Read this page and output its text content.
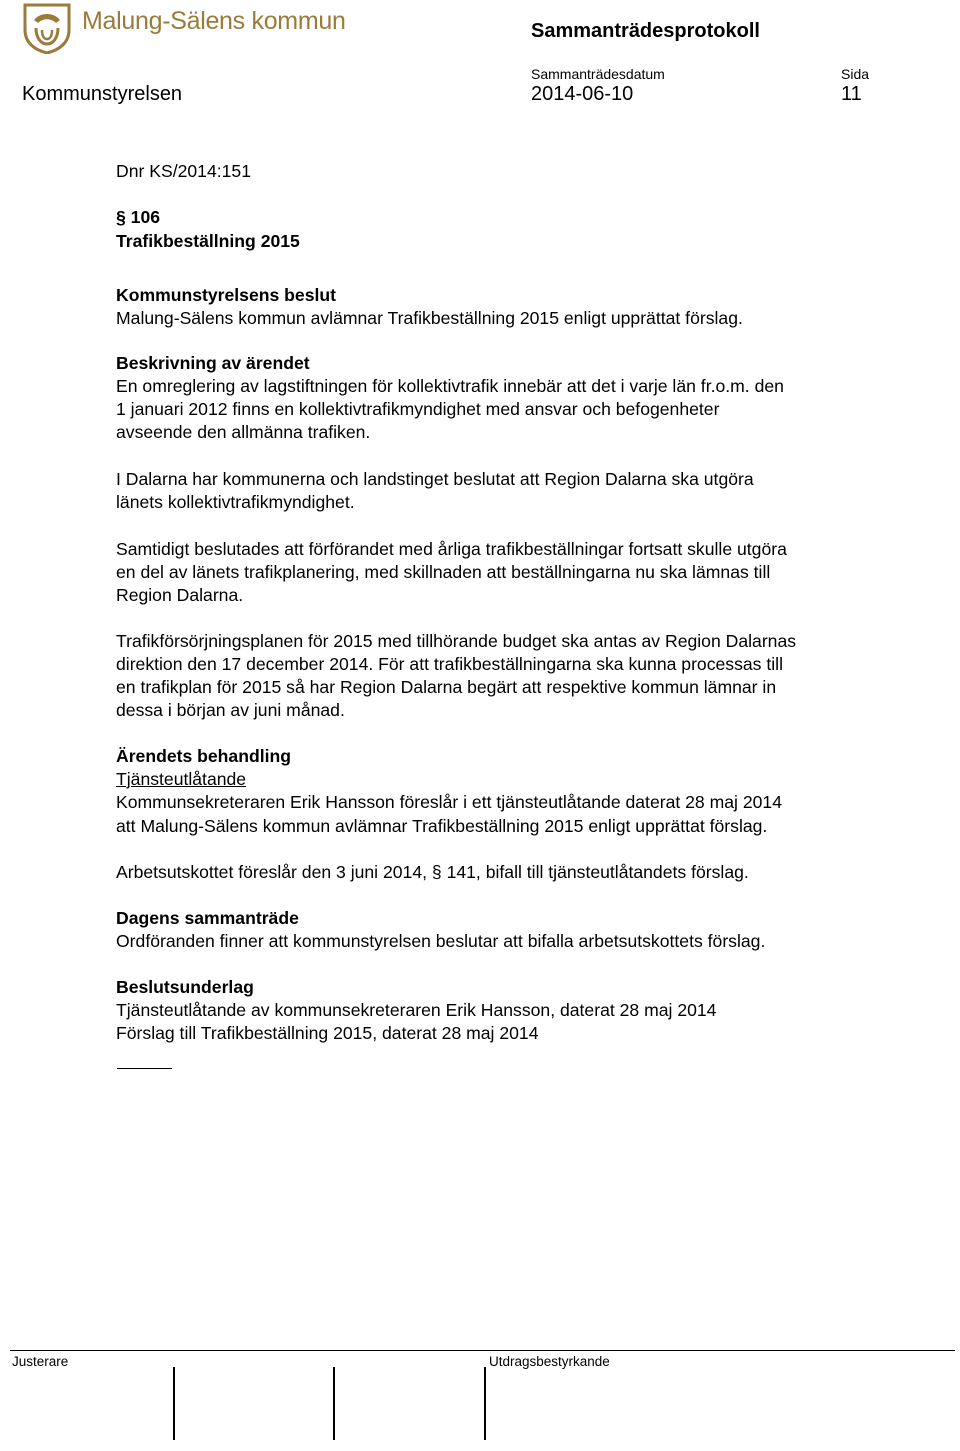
Malung-Sälens kommun	Sammanträdesprotokoll
Sammanträdesdatum	Sida
Kommunstyrelsen	2014-06-10	11
Dnr KS/2014:151
§ 106
Trafikbeställning 2015
Kommunstyrelsens beslut
Malung-Sälens kommun avlämnar Trafikbeställning 2015 enligt upprättat förslag.
Beskrivning av ärendet
En omreglering av lagstiftningen för kollektivtrafik innebär att det i varje län fr.o.m. den
1 januari 2012 finns en kollektivtrafikmyndighet med ansvar och befogenheter
avseende den allmänna trafiken.
I Dalarna har kommunerna och landstinget beslutat att Region Dalarna ska utgöra
länets kollektivtrafikmyndighet.
Samtidigt beslutades att förförandet med årliga trafikbeställningar fortsatt skulle utgöra
en del av länets trafikplanering, med skillnaden att beställningarna nu ska lämnas till
Region Dalarna.
Trafikförsörjningsplanen för 2015 med tillhörande budget ska antas av Region Dalarnas
direktion den 17 december 2014. För att trafikbeställningarna ska kunna processas till
en trafikplan för 2015 så har Region Dalarna begärt att respektive kommun lämnar in
dessa i början av juni månad.
Ärendets behandling
Tjänsteutlåtande
Kommunsekreteraren Erik Hansson föreslår i ett tjänsteutlåtande daterat 28 maj 2014
att Malung-Sälens kommun avlämnar Trafikbeställning 2015 enligt upprättat förslag.
Arbetsutskottet föreslår den 3 juni 2014, § 141, bifall till tjänsteutlåtandets förslag.
Dagens sammanträde
Ordföranden finner att kommunstyrelsen beslutar att bifalla arbetsutskottets förslag.
Beslutsunderlag
Tjänsteutlåtande av kommunsekreteraren Erik Hansson, daterat 28 maj 2014
Förslag till Trafikbeställning 2015, daterat 28 maj 2014
Justerare	Utdragsbestyrkande
